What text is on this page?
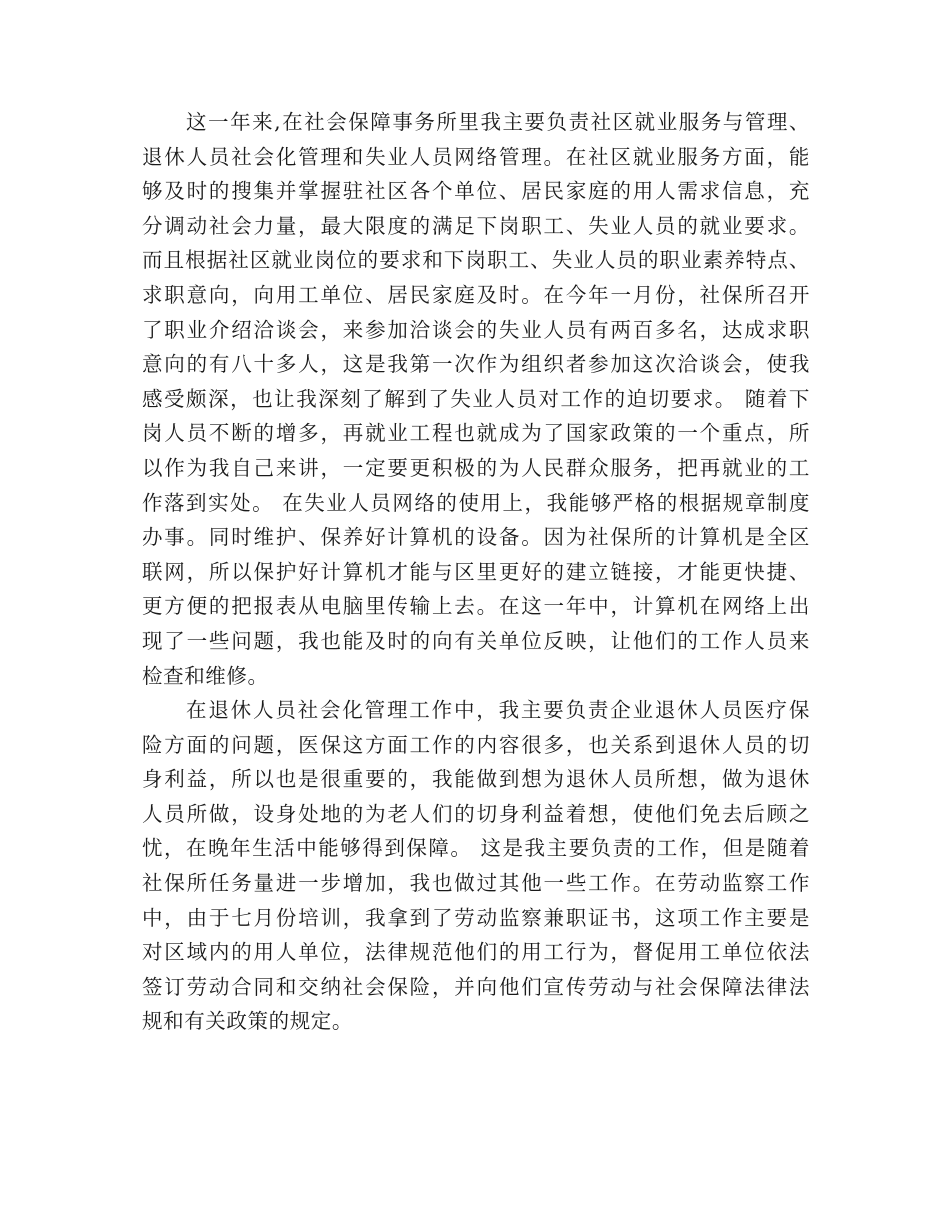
这一年来,在社会保障事务所里我主要负责社区就业服务与管理、
退休人员社会化管理和失业人员网络管理。在社区就业服务方面，能
够及时的搜集并掌握驻社区各个单位、居民家庭的用人需求信息，充
分调动社会力量，最大限度的满足下岗职工、失业人员的就业要求。
而且根据社区就业岗位的要求和下岗职工、失业人员的职业素养特点、
求职意向，向用工单位、居民家庭及时。在今年一月份，社保所召开
了职业介绍洽谈会，来参加洽谈会的失业人员有两百多名，达成求职
意向的有八十多人，这是我第一次作为组织者参加这次洽谈会，使我
感受颇深，也让我深刻了解到了失业人员对工作的迫切要求。 随着下
岗人员不断的增多，再就业工程也就成为了国家政策的一个重点，所
以作为我自己来讲，一定要更积极的为人民群众服务，把再就业的工
作落到实处。 在失业人员网络的使用上，我能够严格的根据规章制度
办事。同时维护、保养好计算机的设备。因为社保所的计算机是全区
联网，所以保护好计算机才能与区里更好的建立链接，才能更快捷、
更方便的把报表从电脑里传输上去。在这一年中，计算机在网络上出
现了一些问题，我也能及时的向有关单位反映，让他们的工作人员来
检查和维修。
在退休人员社会化管理工作中，我主要负责企业退休人员医疗保
险方面的问题，医保这方面工作的内容很多，也关系到退休人员的切
身利益，所以也是很重要的，我能做到想为退休人员所想，做为退休
人员所做，设身处地的为老人们的切身利益着想，使他们免去后顾之
忧，在晚年生活中能够得到保障。 这是我主要负责的工作，但是随着
社保所任务量进一步增加，我也做过其他一些工作。在劳动监察工作
中，由于七月份培训，我拿到了劳动监察兼职证书，这项工作主要是
对区域内的用人单位，法律规范他们的用工行为，督促用工单位依法
签订劳动合同和交纳社会保险，并向他们宣传劳动与社会保障法律法
规和有关政策的规定。
